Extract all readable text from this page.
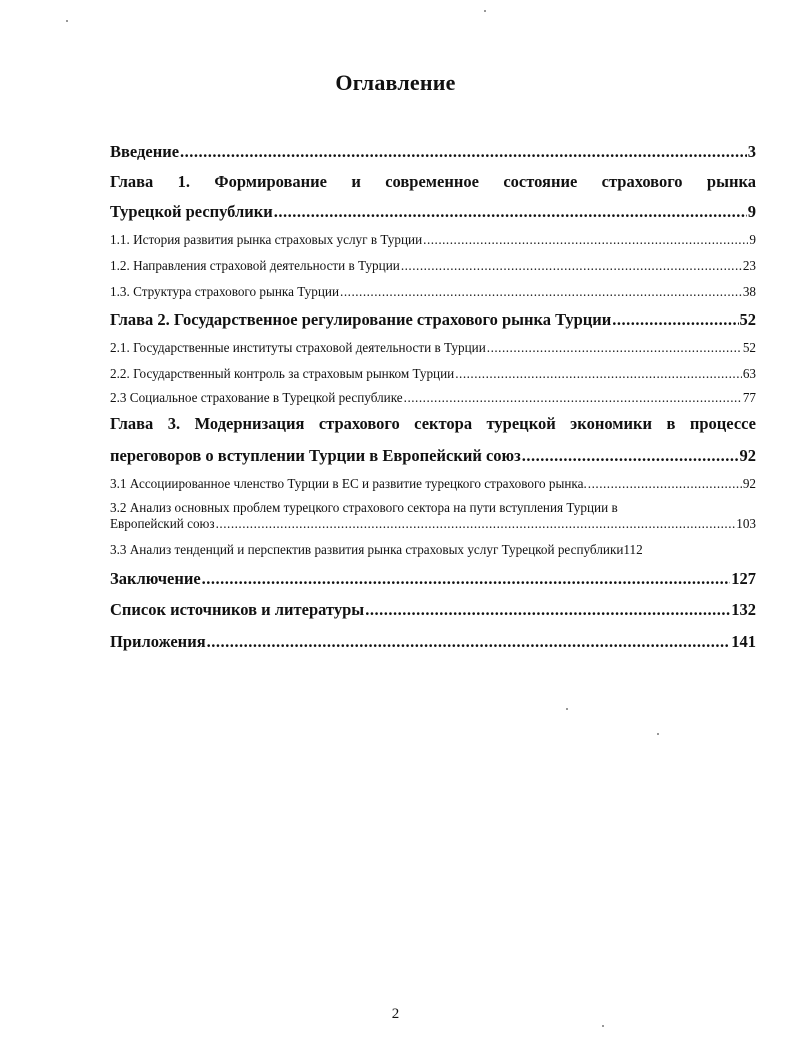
Оглавление
Введение .....	3
Глава 1. Формирование и современное состояние страхового рынка
Турецкой республики .....	9
1.1. История развития рынка страховых услуг в Турции .....	9
1.2. Направления страховой деятельности в Турции .....	23
1.3. Структура страхового рынка Турции .....	38
Глава 2. Государственное регулирование страхового рынка Турции .....	52
2.1. Государственные институты страховой деятельности в Турции .....	52
2.2. Государственный контроль за страховым рынком Турции .....	63
2.3 Социальное страхование в Турецкой республике .....	77
Глава 3. Модернизация страхового сектора турецкой экономики в процессе
переговоров о вступлении Турции в Европейский союз .....	92
3.1 Ассоциированное членство Турции в ЕС и развитие турецкого страхового рынка. .....	92
3.2 Анализ основных проблем турецкого страхового сектора на пути вступления Турции в
Европейский союз .....	103
3.3 Анализ тенденций и перспектив развития рынка страховых услуг Турецкой республики 112
Заключение .....	127
Список источников и литературы .....	132
Приложения .....	141
2
